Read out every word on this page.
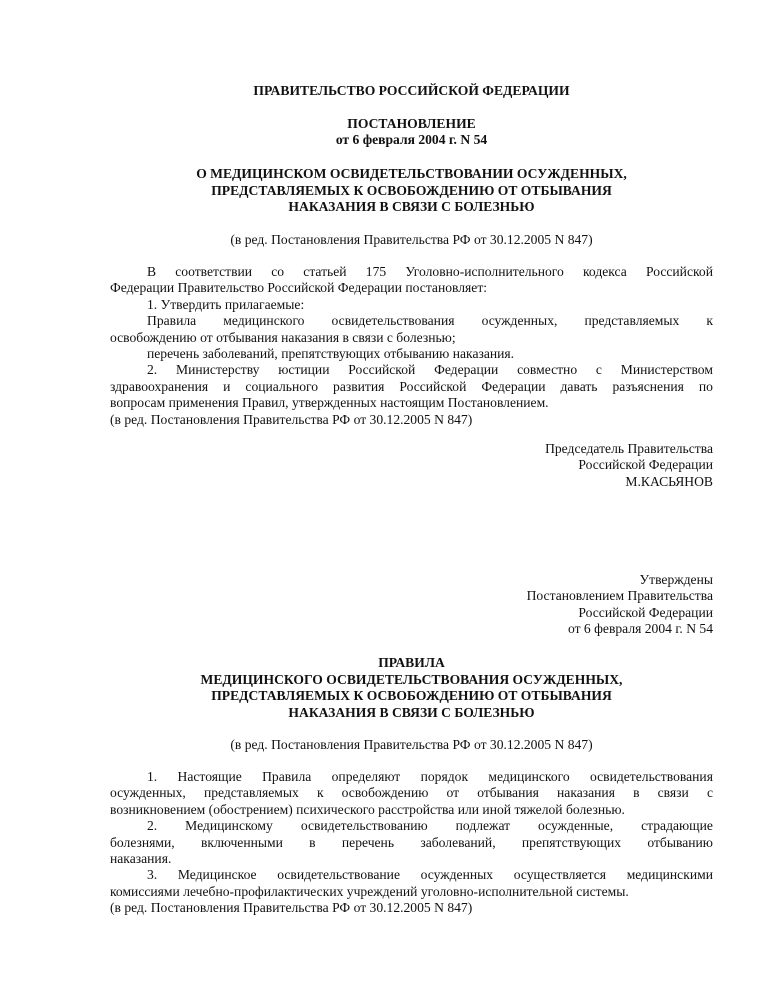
ПРАВИТЕЛЬСТВО РОССИЙСКОЙ ФЕДЕРАЦИИ
ПОСТАНОВЛЕНИЕ
от 6 февраля 2004 г. N 54
О МЕДИЦИНСКОМ ОСВИДЕТЕЛЬСТВОВАНИИ ОСУЖДЕННЫХ,
ПРЕДСТАВЛЯЕМЫХ К ОСВОБОЖДЕНИЮ ОТ ОТБЫВАНИЯ
НАКАЗАНИЯ В СВЯЗИ С БОЛЕЗНЬЮ
(в ред. Постановления Правительства РФ от 30.12.2005 N 847)
В соответствии со статьей 175 Уголовно-исполнительного кодекса Российской
Федерации Правительство Российской Федерации постановляет:
1. Утвердить прилагаемые:
Правила медицинского освидетельствования осужденных, представляемых к
освобождению от отбывания наказания в связи с болезнью;
перечень заболеваний, препятствующих отбыванию наказания.
2. Министерству юстиции Российской Федерации совместно с Министерством
здравоохранения и социального развития Российской Федерации давать разъяснения по
вопросам применения Правил, утвержденных настоящим Постановлением.
(в ред. Постановления Правительства РФ от 30.12.2005 N 847)
Председатель Правительства
Российской Федерации
М.КАСЬЯНОВ
Утверждены
Постановлением Правительства
Российской Федерации
от 6 февраля 2004 г. N 54
ПРАВИЛА
МЕДИЦИНСКОГО ОСВИДЕТЕЛЬСТВОВАНИЯ ОСУЖДЕННЫХ,
ПРЕДСТАВЛЯЕМЫХ К ОСВОБОЖДЕНИЮ ОТ ОТБЫВАНИЯ
НАКАЗАНИЯ В СВЯЗИ С БОЛЕЗНЬЮ
(в ред. Постановления Правительства РФ от 30.12.2005 N 847)
1. Настоящие Правила определяют порядок медицинского освидетельствования
осужденных, представляемых к освобождению от отбывания наказания в связи с
возникновением (обострением) психического расстройства или иной тяжелой болезнью.
2. Медицинскому освидетельствованию подлежат осужденные, страдающие
болезнями, включенными в перечень заболеваний, препятствующих отбыванию
наказания.
3. Медицинское освидетельствование осужденных осуществляется медицинскими
комиссиями лечебно-профилактических учреждений уголовно-исполнительной системы.
(в ред. Постановления Правительства РФ от 30.12.2005 N 847)
